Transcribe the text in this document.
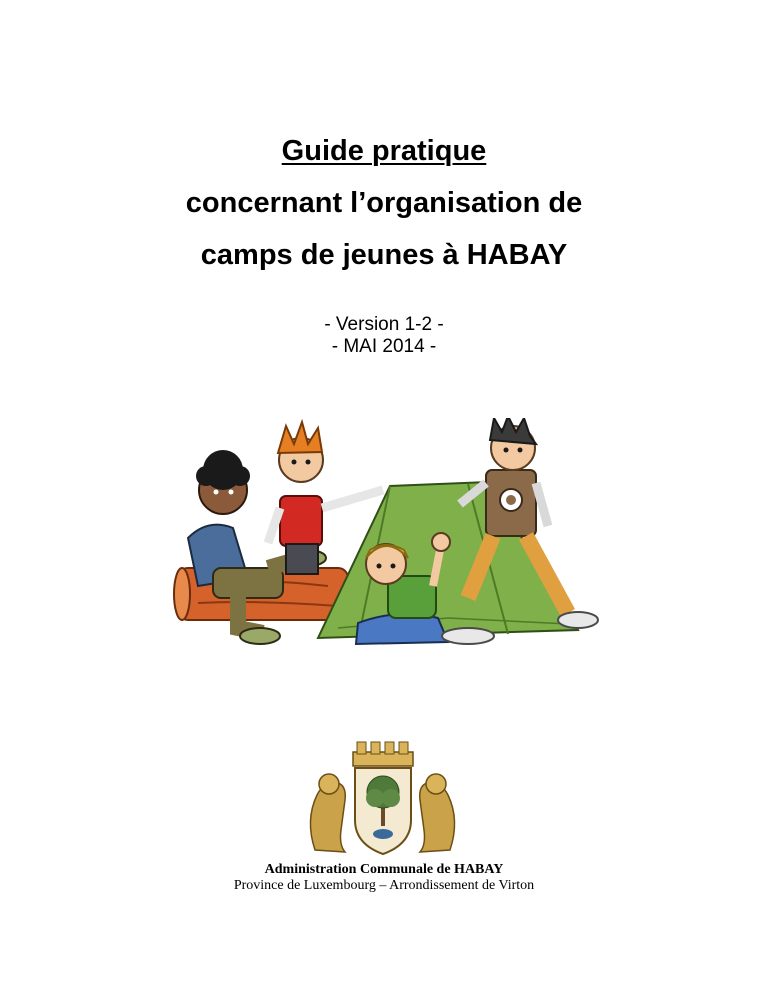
Guide pratique
concernant l’organisation de
camps de jeunes à HABAY
- Version 1-2 -
- MAI 2014 -
Administration Communale de HABAY
Province de Luxembourg – Arrondissement de Virton
